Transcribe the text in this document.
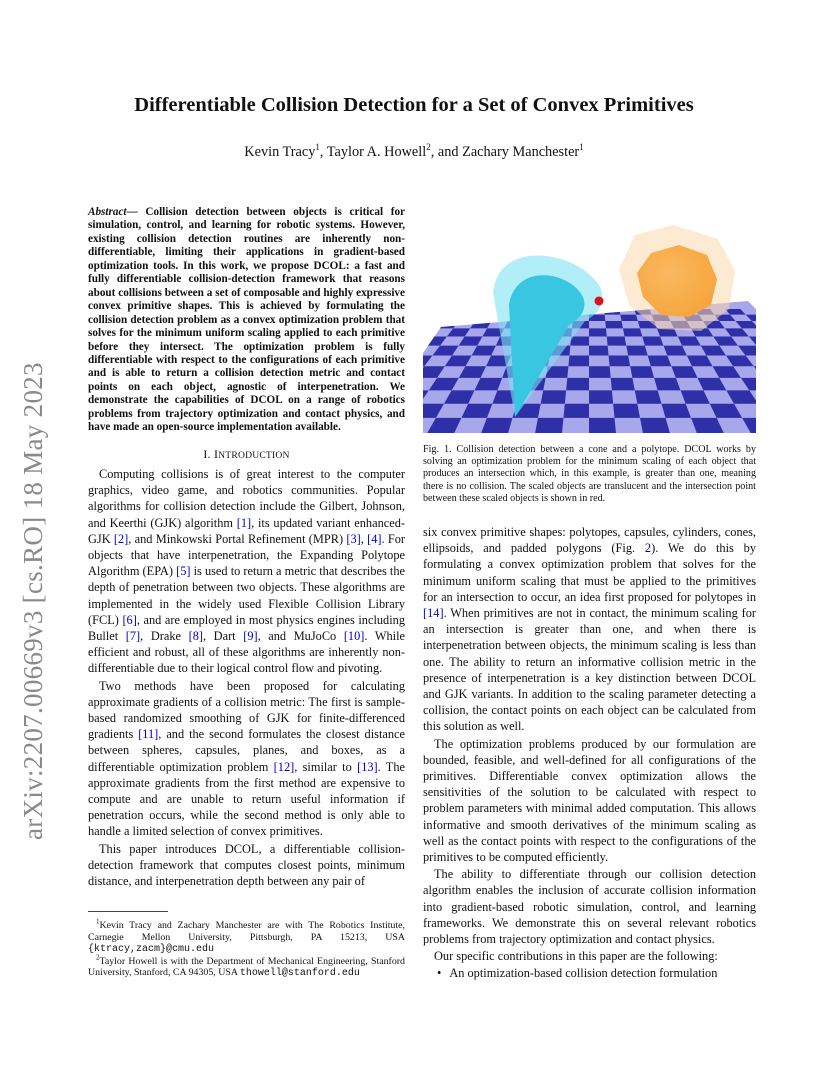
arXiv:2207.00669v3 [cs.RO] 18 May 2023
Differentiable Collision Detection for a Set of Convex Primitives
Kevin Tracy$^1$, Taylor A. Howell$^2$, and Zachary Manchester$^1$
Abstract— Collision detection between objects is critical for simulation, control, and learning for robotic systems. However, existing collision detection routines are inherently non-differentiable, limiting their applications in gradient-based optimization tools. In this work, we propose DCOL: a fast and fully differentiable collision-detection framework that reasons about collisions between a set of composable and highly expressive convex primitive shapes. This is achieved by formulating the collision detection problem as a convex optimization problem that solves for the minimum uniform scaling applied to each primitive before they intersect. The optimization problem is fully differentiable with respect to the configurations of each primitive and is able to return a collision detection metric and contact points on each object, agnostic of interpenetration. We demonstrate the capabilities of DCOL on a range of robotics problems from trajectory optimization and contact physics, and have made an open-source implementation available.
I. INTRODUCTION

Computing collisions is of great interest to the computer graphics, video game, and robotics communities. Popular algorithms for collision detection include the Gilbert, Johnson, and Keerthi (GJK) algorithm [1], its updated variant enhanced-GJK [2], and Minkowski Portal Refinement (MPR) [3], [4]. For objects that have interpenetration, the Expanding Polytope Algorithm (EPA) [5] is used to return a metric that describes the depth of penetration between two objects. These algorithms are implemented in the widely used Flexible Collision Library (FCL) [6], and are employed in most physics engines including Bullet [7], Drake [8], Dart [9], and MuJoCo [10]. While efficient and robust, all of these algorithms are inherently non-differentiable due to their logical control flow and pivoting.

Two methods have been proposed for calculating approximate gradients of a collision metric: The first is sample-based randomized smoothing of GJK for finite-differenced gradients [11], and the second formulates the closest distance between spheres, capsules, planes, and boxes, as a differentiable optimization problem [12], similar to [13]. The approximate gradients from the first method are expensive to compute and are unable to return useful information if penetration occurs, while the second method is only able to handle a limited selection of convex primitives.

This paper introduces DCOL, a differentiable collision-detection framework that computes closest points, minimum distance, and interpenetration depth between any pair of

$^1$Kevin Tracy and Zachary Manchester are with The Robotics Institute, Carnegie Mellon University, Pittsburgh, PA 15213, USA {ktracy,zacm}@cmu.edu

$^2$Taylor Howell is with the Department of Mechanical Engineering, Stanford University, Stanford, CA 94305, USA thowell@stanford.edu

Fig. 1. Collision detection between a cone and a polytope. DCOL works by solving an optimization problem for the minimum scaling of each object that produces an intersection which, in this example, is greater than one, meaning there is no collision. The scaled objects are translucent and the intersection point between these scaled objects is shown in red.

six convex primitive shapes: polytopes, capsules, cylinders, cones, ellipsoids, and padded polygons (Fig. 2). We do this by formulating a convex optimization problem that solves for the minimum uniform scaling that must be applied to the primitives for an intersection to occur, an idea first proposed for polytopes in [14]. When primitives are not in contact, the minimum scaling for an intersection is greater than one, and when there is interpenetration between objects, the minimum scaling is less than one. The ability to return an informative collision metric in the presence of interpenetration is a key distinction between DCOL and GJK variants. In addition to the scaling parameter detecting a collision, the contact points on each object can be calculated from this solution as well.

The optimization problems produced by our formulation are bounded, feasible, and well-defined for all configurations of the primitives. Differentiable convex optimization allows the sensitivities of the solution to be calculated with respect to problem parameters with minimal added computation. This allows informative and smooth derivatives of the minimum scaling as well as the contact points with respect to the configurations of the primitives to be computed efficiently.

The ability to differentiate through our collision detection algorithm enables the inclusion of accurate collision information into gradient-based robotic simulation, control, and learning frameworks. We demonstrate this on several relevant robotics problems from trajectory optimization and contact physics.

Our specific contributions in this paper are the following:

• An optimization-based collision detection formulation
